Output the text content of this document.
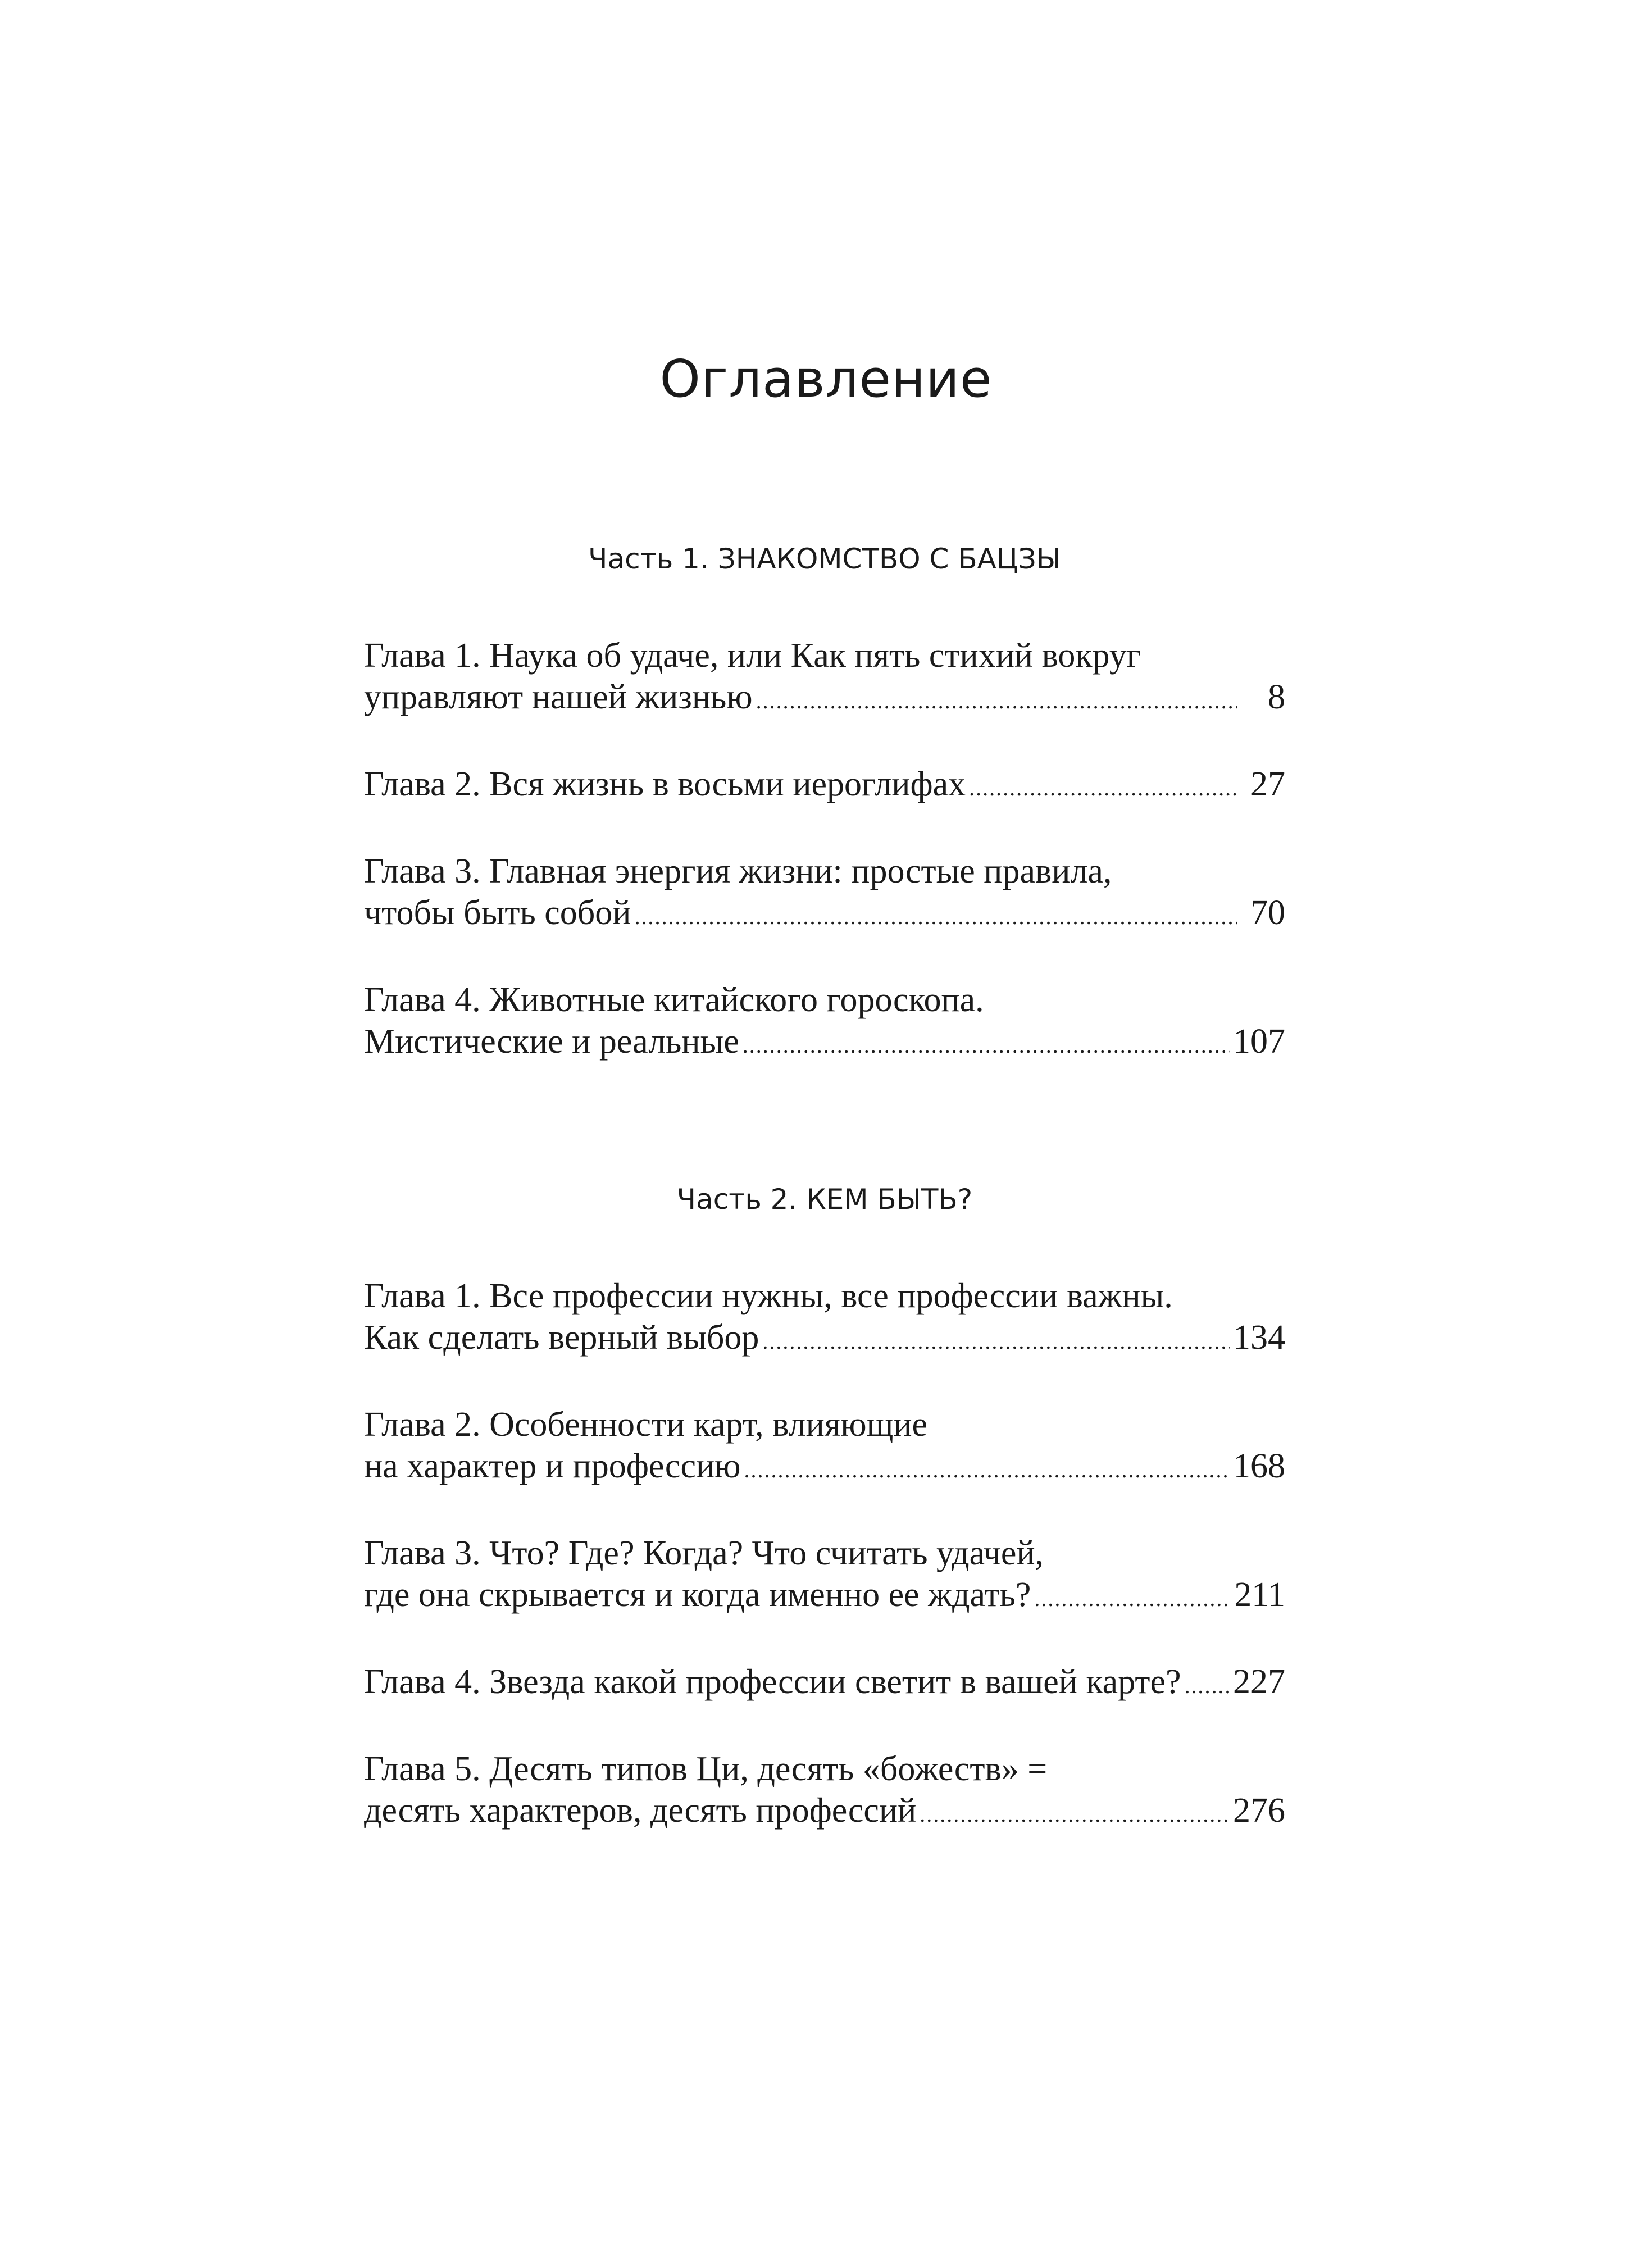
Оглавление
Часть 1. ЗНАКОМСТВО С БАЦЗЫ
Глава 1. Наука об удаче, или Как пять стихий вокруг
управляют нашей жизнью .....	8
Глава 2. Вся жизнь в восьми иероглифах .....	27
Глава 3. Главная энергия жизни: простые правила,
чтобы быть собой .....	70
Глава 4. Животные китайского гороскопа.
Мистические и реальные .....	107
Часть 2. КЕМ БЫТЬ?
Глава 1. Все профессии нужны, все профессии важны.
Как сделать верный выбор .....	134
Глава 2. Особенности карт, влияющие
на характер и профессию .....	168
Глава 3. Что? Где? Когда? Что считать удачей,
где она скрывается и когда именно ее ждать? .....	211
Глава 4. Звезда какой профессии светит в вашей карте? ..... 227
Глава 5. Десять типов Ци, десять «божеств» =
десять характеров, десять профессий .....	276
